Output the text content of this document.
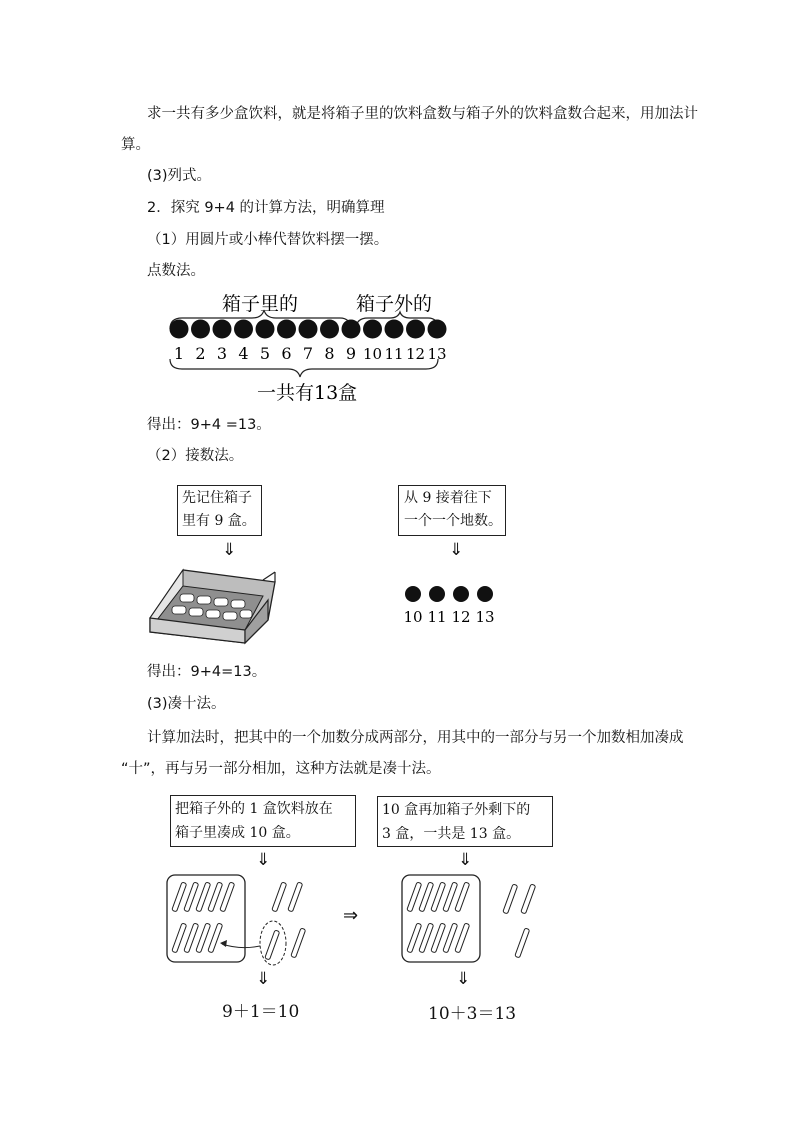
求一共有多少盒饮料，就是将箱子里的饮料盒数与箱子外的饮料盒数合起来，用加法计
算。
(3)列式。
2．探究 9+4 的计算方法，明确算理
（1）用圆片或小棒代替饮料摆一摆。
点数法。
箱子里的	箱子外的
1 2 3 4 5 6 7 8 9 10 11 12 13
一共有13盒
得出：9+4 =13。
（2）接数法。
先记住箱子
里有 9 盒。
⇓
从 9 接着往下
一个一个地数。
⇓
10 11 12 13
得出：9+4=13。
(3)凑十法。
计算加法时，把其中的一个加数分成两部分，用其中的一部分与另一个加数相加凑成
“十”，再与另一部分相加，这种方法就是凑十法。
把箱子外的 1 盒饮料放在
箱子里凑成 10 盒。
10 盒再加箱子外剩下的
3 盒，一共是 13 盒。
⇓	⇓
⇒
⇓	⇓
9＋1＝10	10＋3＝13
